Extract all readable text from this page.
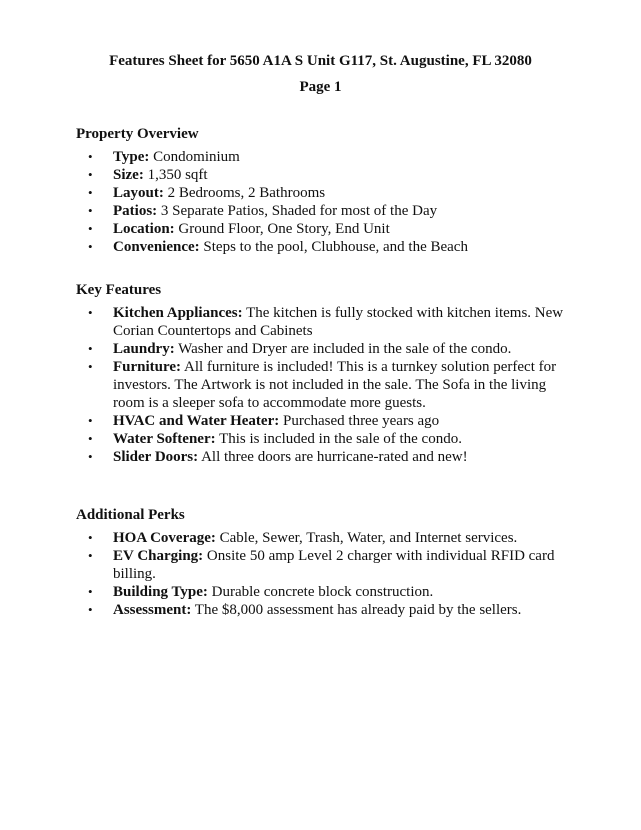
Features Sheet for 5650 A1A S Unit G117, St. Augustine, FL 32080
Page 1
Property Overview
• Type: Condominium
• Size: 1,350 sqft
• Layout: 2 Bedrooms, 2 Bathrooms
• Patios: 3 Separate Patios, Shaded for most of the Day
• Location: Ground Floor, One Story, End Unit
• Convenience: Steps to the pool, Clubhouse, and the Beach
Key Features
• Kitchen Appliances: The kitchen is fully stocked with kitchen items. New Corian Countertops and Cabinets
• Laundry: Washer and Dryer are included in the sale of the condo.
• Furniture: All furniture is included! This is a turnkey solution perfect for investors. The Artwork is not included in the sale. The Sofa in the living room is a sleeper sofa to accommodate more guests.
• HVAC and Water Heater: Purchased three years ago
• Water Softener: This is included in the sale of the condo.
• Slider Doors: All three doors are hurricane-rated and new!
Additional Perks
• HOA Coverage: Cable, Sewer, Trash, Water, and Internet services.
• EV Charging: Onsite 50 amp Level 2 charger with individual RFID card billing.
• Building Type: Durable concrete block construction.
• Assessment: The $8,000 assessment has already paid by the sellers.
